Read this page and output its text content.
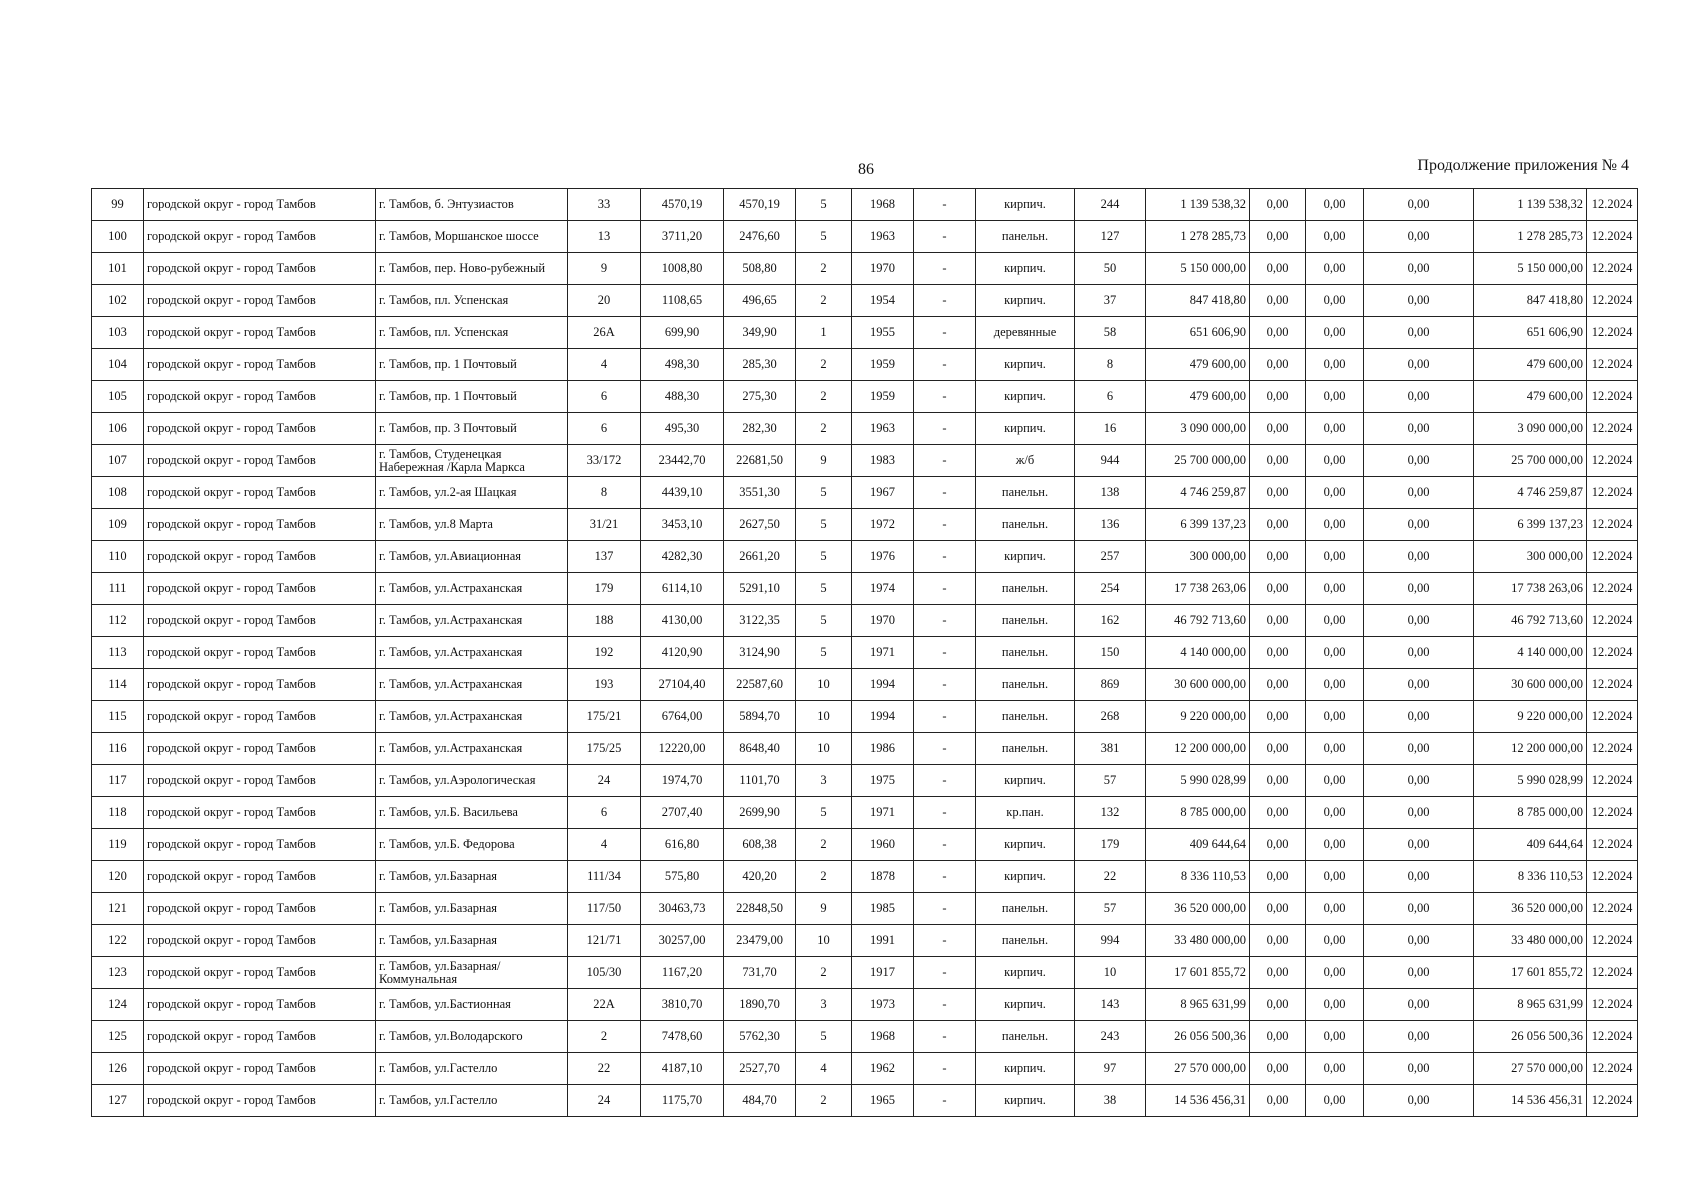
86	Продолжение приложения № 4
99	городской округ - город Тамбов	г. Тамбов, б. Энтузиастов	33	4570,19	4570,19	5	1968	-	кирпич.	244	1 139 538,32	0,00	0,00	0,00	1 139 538,32	12.2024
100	городской округ - город Тамбов	г. Тамбов, Моршанское шоссе	13	3711,20	2476,60	5	1963	-	панельн.	127	1 278 285,73	0,00	0,00	0,00	1 278 285,73	12.2024
101	городской округ - город Тамбов	г. Тамбов, пер. Ново-рубежный	9	1008,80	508,80	2	1970	-	кирпич.	50	5 150 000,00	0,00	0,00	0,00	5 150 000,00	12.2024
102	городской округ - город Тамбов	г. Тамбов, пл. Успенская	20	1108,65	496,65	2	1954	-	кирпич.	37	847 418,80	0,00	0,00	0,00	847 418,80	12.2024
103	городской округ - город Тамбов	г. Тамбов, пл. Успенская	26А	699,90	349,90	1	1955	-	деревянные	58	651 606,90	0,00	0,00	0,00	651 606,90	12.2024
104	городской округ - город Тамбов	г. Тамбов, пр. 1 Почтовый	4	498,30	285,30	2	1959	-	кирпич.	8	479 600,00	0,00	0,00	0,00	479 600,00	12.2024
105	городской округ - город Тамбов	г. Тамбов, пр. 1 Почтовый	6	488,30	275,30	2	1959	-	кирпич.	6	479 600,00	0,00	0,00	0,00	479 600,00	12.2024
106	городской округ - город Тамбов	г. Тамбов, пр. 3 Почтовый	6	495,30	282,30	2	1963	-	кирпич.	16	3 090 000,00	0,00	0,00	0,00	3 090 000,00	12.2024
107	городской округ - город Тамбов	г. Тамбов, Студенецкая Набережная /Карла Маркса	33/172	23442,70	22681,50	9	1983	-	ж/б	944	25 700 000,00	0,00	0,00	0,00	25 700 000,00	12.2024
108	городской округ - город Тамбов	г. Тамбов, ул.2-ая Шацкая	8	4439,10	3551,30	5	1967	-	панельн.	138	4 746 259,87	0,00	0,00	0,00	4 746 259,87	12.2024
109	городской округ - город Тамбов	г. Тамбов, ул.8 Марта	31/21	3453,10	2627,50	5	1972	-	панельн.	136	6 399 137,23	0,00	0,00	0,00	6 399 137,23	12.2024
110	городской округ - город Тамбов	г. Тамбов, ул.Авиационная	137	4282,30	2661,20	5	1976	-	кирпич.	257	300 000,00	0,00	0,00	0,00	300 000,00	12.2024
111	городской округ - город Тамбов	г. Тамбов, ул.Астраханская	179	6114,10	5291,10	5	1974	-	панельн.	254	17 738 263,06	0,00	0,00	0,00	17 738 263,06	12.2024
112	городской округ - город Тамбов	г. Тамбов, ул.Астраханская	188	4130,00	3122,35	5	1970	-	панельн.	162	46 792 713,60	0,00	0,00	0,00	46 792 713,60	12.2024
113	городской округ - город Тамбов	г. Тамбов, ул.Астраханская	192	4120,90	3124,90	5	1971	-	панельн.	150	4 140 000,00	0,00	0,00	0,00	4 140 000,00	12.2024
114	городской округ - город Тамбов	г. Тамбов, ул.Астраханская	193	27104,40	22587,60	10	1994	-	панельн.	869	30 600 000,00	0,00	0,00	0,00	30 600 000,00	12.2024
115	городской округ - город Тамбов	г. Тамбов, ул.Астраханская	175/21	6764,00	5894,70	10	1994	-	панельн.	268	9 220 000,00	0,00	0,00	0,00	9 220 000,00	12.2024
116	городской округ - город Тамбов	г. Тамбов, ул.Астраханская	175/25	12220,00	8648,40	10	1986	-	панельн.	381	12 200 000,00	0,00	0,00	0,00	12 200 000,00	12.2024
117	городской округ - город Тамбов	г. Тамбов, ул.Аэрологическая	24	1974,70	1101,70	3	1975	-	кирпич.	57	5 990 028,99	0,00	0,00	0,00	5 990 028,99	12.2024
118	городской округ - город Тамбов	г. Тамбов, ул.Б. Васильева	6	2707,40	2699,90	5	1971	-	кр.пан.	132	8 785 000,00	0,00	0,00	0,00	8 785 000,00	12.2024
119	городской округ - город Тамбов	г. Тамбов, ул.Б. Федорова	4	616,80	608,38	2	1960	-	кирпич.	179	409 644,64	0,00	0,00	0,00	409 644,64	12.2024
120	городской округ - город Тамбов	г. Тамбов, ул.Базарная	111/34	575,80	420,20	2	1878	-	кирпич.	22	8 336 110,53	0,00	0,00	0,00	8 336 110,53	12.2024
121	городской округ - город Тамбов	г. Тамбов, ул.Базарная	117/50	30463,73	22848,50	9	1985	-	панельн.	57	36 520 000,00	0,00	0,00	0,00	36 520 000,00	12.2024
122	городской округ - город Тамбов	г. Тамбов, ул.Базарная	121/71	30257,00	23479,00	10	1991	-	панельн.	994	33 480 000,00	0,00	0,00	0,00	33 480 000,00	12.2024
123	городской округ - город Тамбов	г. Тамбов, ул.Базарная/Коммунальная	105/30	1167,20	731,70	2	1917	-	кирпич.	10	17 601 855,72	0,00	0,00	0,00	17 601 855,72	12.2024
124	городской округ - город Тамбов	г. Тамбов, ул.Бастионная	22А	3810,70	1890,70	3	1973	-	кирпич.	143	8 965 631,99	0,00	0,00	0,00	8 965 631,99	12.2024
125	городской округ - город Тамбов	г. Тамбов, ул.Володарского	2	7478,60	5762,30	5	1968	-	панельн.	243	26 056 500,36	0,00	0,00	0,00	26 056 500,36	12.2024
126	городской округ - город Тамбов	г. Тамбов, ул.Гастелло	22	4187,10	2527,70	4	1962	-	кирпич.	97	27 570 000,00	0,00	0,00	0,00	27 570 000,00	12.2024
127	городской округ - город Тамбов	г. Тамбов, ул.Гастелло	24	1175,70	484,70	2	1965	-	кирпич.	38	14 536 456,31	0,00	0,00	0,00	14 536 456,31	12.2024
